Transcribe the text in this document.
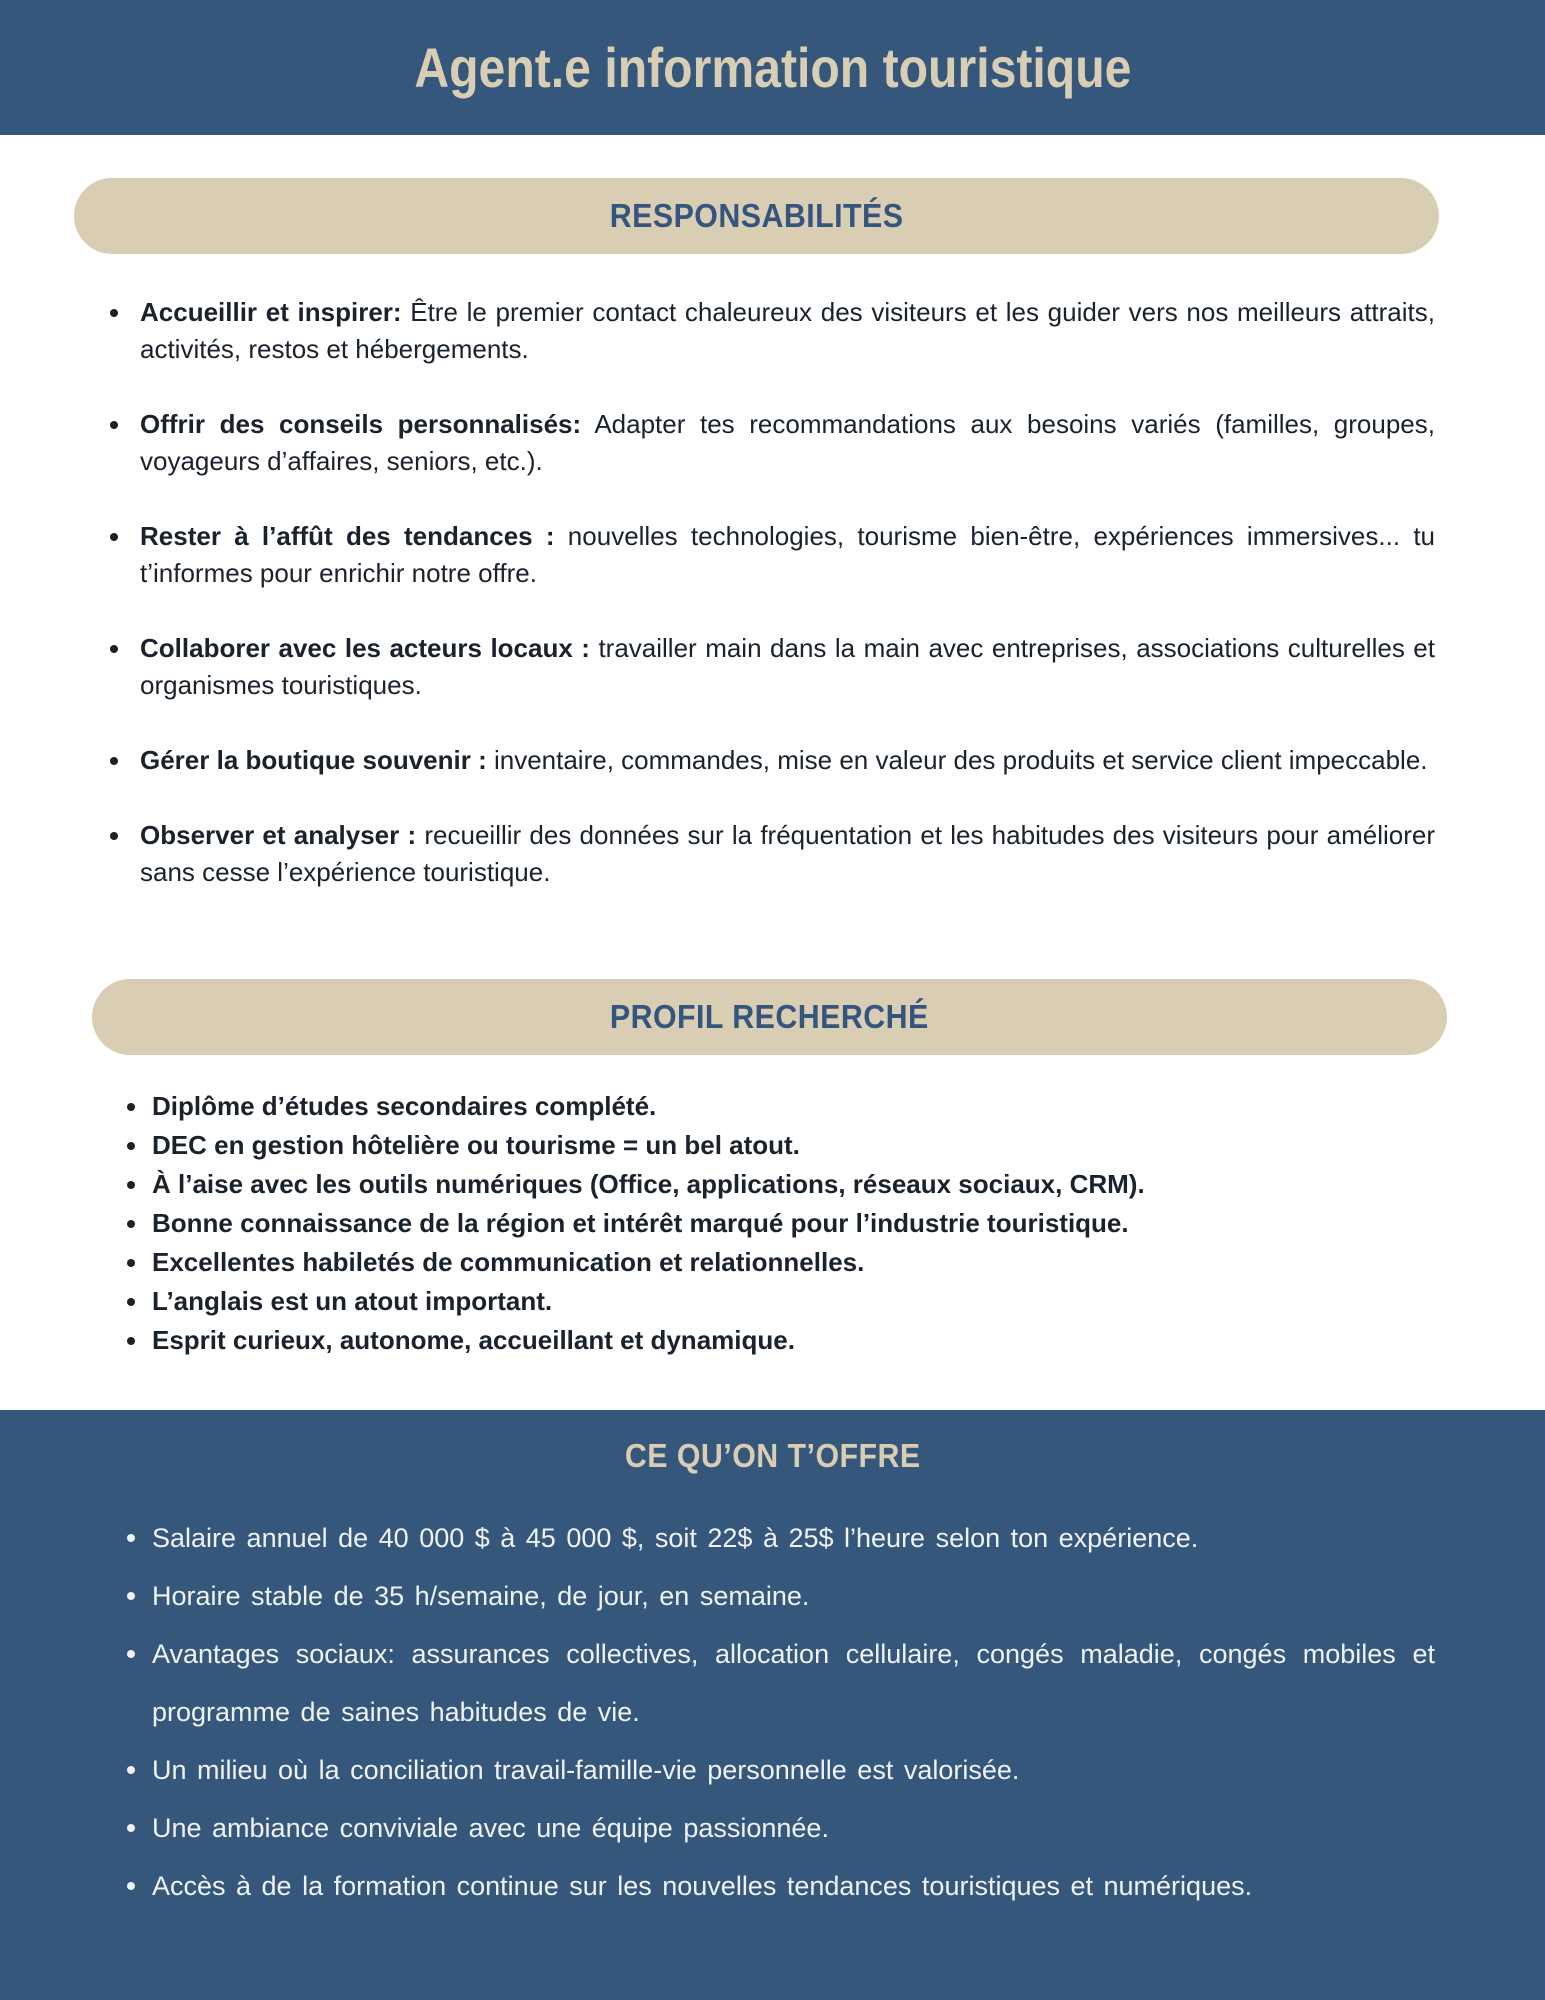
Agent.e information touristique
RESPONSABILITÉS
Accueillir et inspirer: Être le premier contact chaleureux des visiteurs et les guider vers nos meilleurs attraits, activités, restos et hébergements.
Offrir des conseils personnalisés: Adapter tes recommandations aux besoins variés (familles, groupes, voyageurs d’affaires, seniors, etc.).
Rester à l’affût des tendances : nouvelles technologies, tourisme bien-être, expériences immersives... tu t’informes pour enrichir notre offre.
Collaborer avec les acteurs locaux : travailler main dans la main avec entreprises, associations culturelles et organismes touristiques.
Gérer la boutique souvenir : inventaire, commandes, mise en valeur des produits et service client impeccable.
Observer et analyser : recueillir des données sur la fréquentation et les habitudes des visiteurs pour améliorer sans cesse l’expérience touristique.
PROFIL RECHERCHÉ
Diplôme d’études secondaires complété.
DEC en gestion hôtelière ou tourisme = un bel atout.
À l’aise avec les outils numériques (Office, applications, réseaux sociaux, CRM).
Bonne connaissance de la région et intérêt marqué pour l’industrie touristique.
Excellentes habiletés de communication et relationnelles.
L’anglais est un atout important.
Esprit curieux, autonome, accueillant et dynamique.
CE QU’ON T’OFFRE
Salaire annuel de 40 000 $ à 45 000 $, soit 22$ à 25$ l’heure selon ton expérience.
Horaire stable de 35 h/semaine, de jour, en semaine.
Avantages sociaux: assurances collectives, allocation cellulaire, congés maladie, congés mobiles et programme de saines habitudes de vie.
Un milieu où la conciliation travail-famille-vie personnelle est valorisée.
Une ambiance conviviale avec une équipe passionnée.
Accès à de la formation continue sur les nouvelles tendances touristiques et numériques.
